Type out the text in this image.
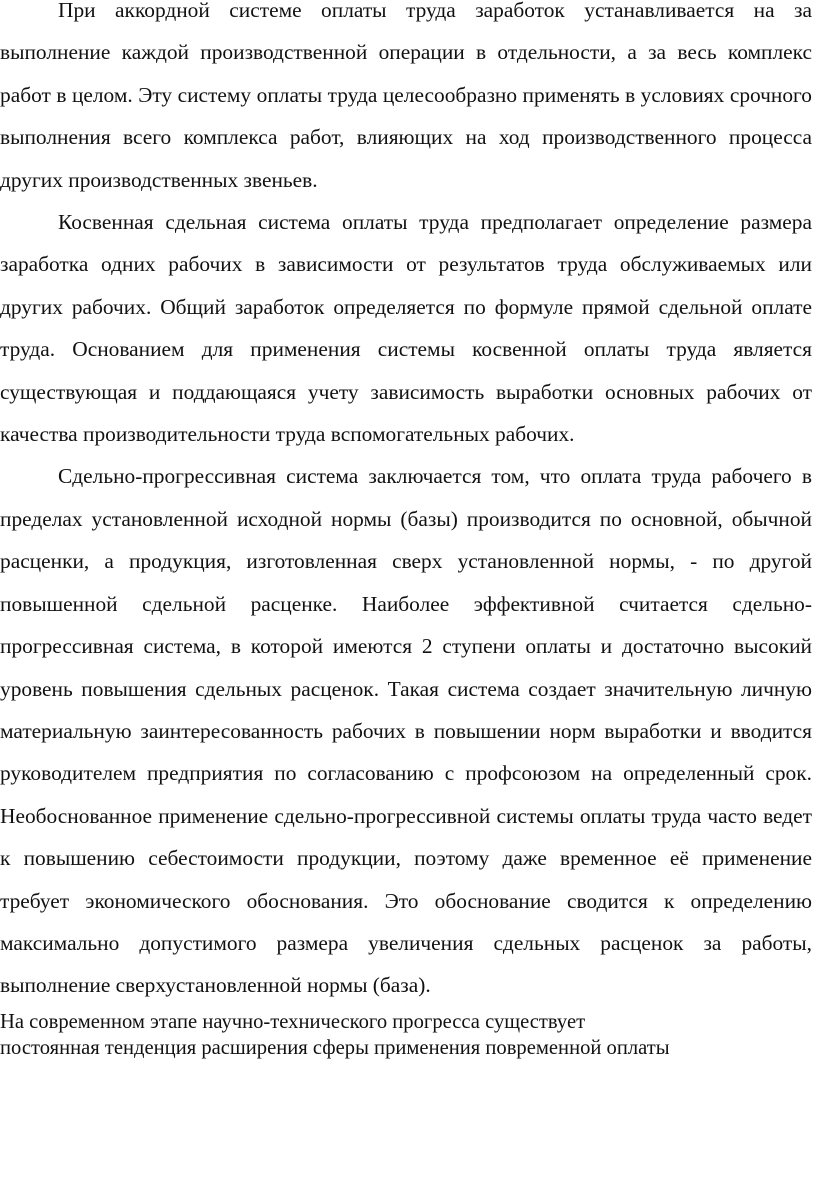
При аккордной системе оплаты труда заработок устанавливается на за выполнение каждой производственной операции в отдельности, а за весь комплекс работ в целом. Эту систему оплаты труда целесообразно применять в условиях срочного выполнения всего комплекса работ, влияющих на ход производственного процесса других производственных звеньев.

Косвенная сдельная система оплаты труда предполагает определение размера заработка одних рабочих в зависимости от результатов труда обслуживаемых или других рабочих. Общий заработок определяется по формуле прямой сдельной оплате труда. Основанием для применения системы косвенной оплаты труда является существующая и поддающаяся учету зависимость выработки основных рабочих от качества производительности труда вспомогательных рабочих.

Сдельно-прогрессивная система заключается том, что оплата труда рабочего в пределах установленной исходной нормы (базы) производится по основной, обычной расценки, а продукция, изготовленная сверх установленной нормы, - по другой повышенной сдельной расценке. Наиболее эффективной считается сдельно-прогрессивная система, в которой имеются 2 ступени оплаты и достаточно высокий уровень повышения сдельных расценок. Такая система создает значительную личную материальную заинтересованность рабочих в повышении норм выработки и вводится руководителем предприятия по согласованию с профсоюзом на определенный срок. Необоснованное применение сдельно-прогрессивной системы оплаты труда часто ведет к повышению себестоимости продукции, поэтому даже временное её применение требует экономического обоснования. Это обоснование сводится к определению максимально допустимого размера увеличения сдельных расценок за работы, выполнение сверхустановленной нормы (база).

На современном этапе научно-технического прогресса существует
постоянная тенденция расширения сферы применения повременной оплаты
